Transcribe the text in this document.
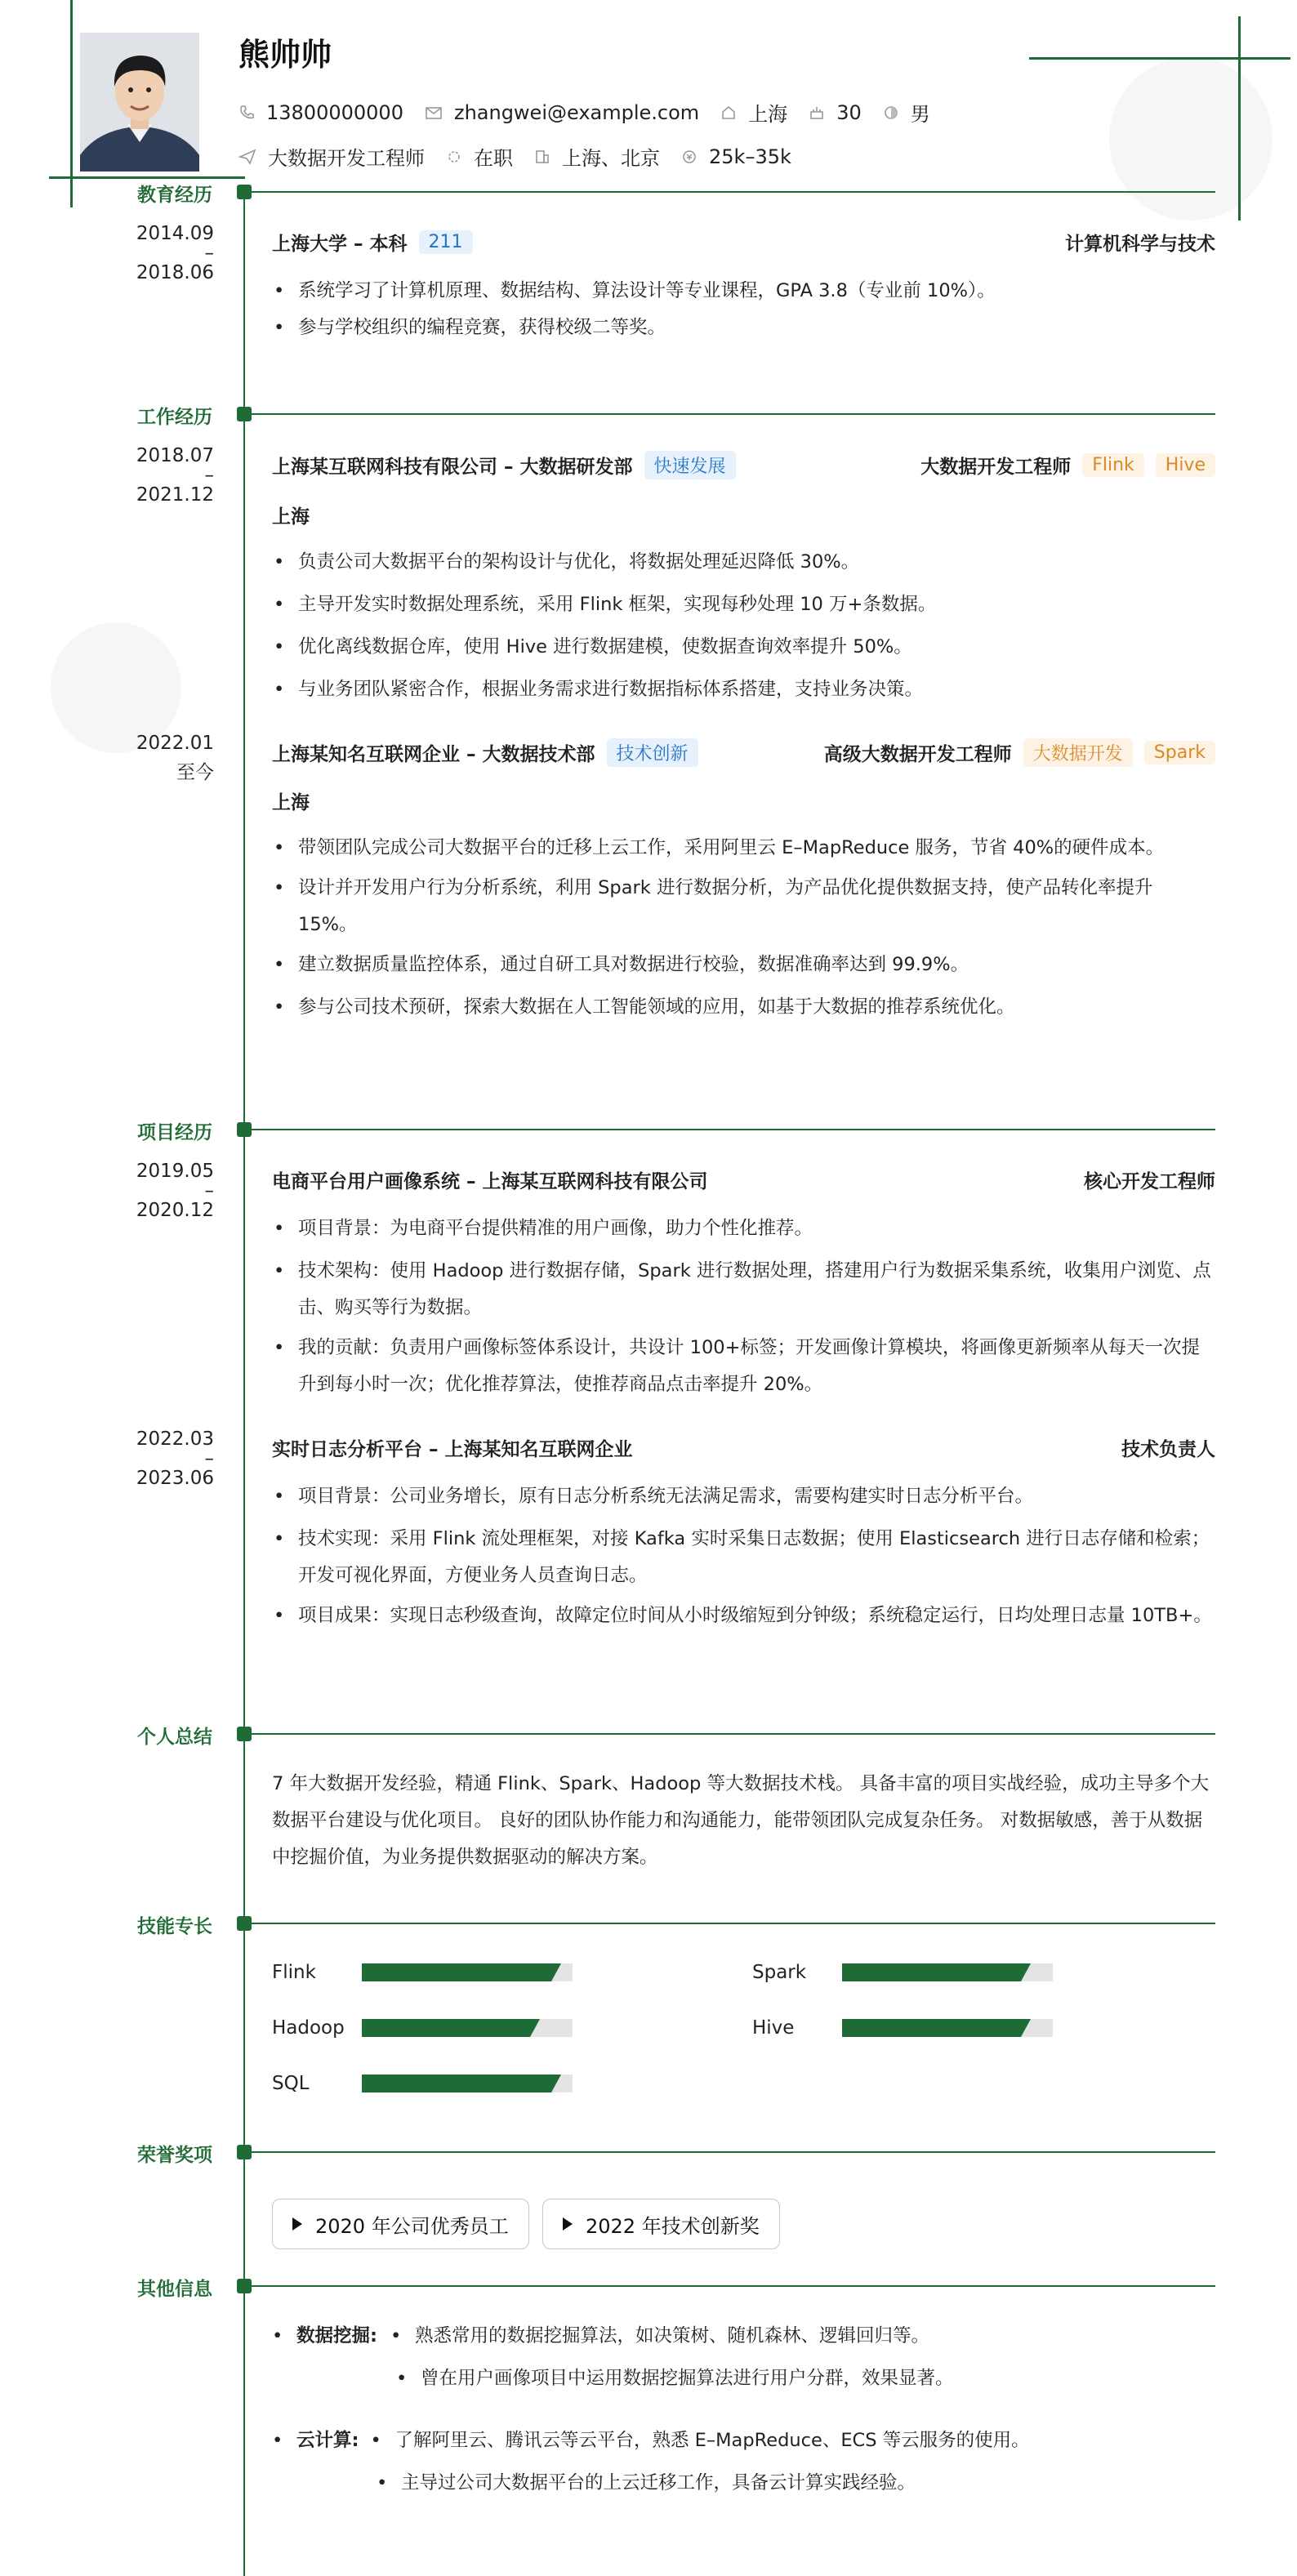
熊帅帅
13800000000	zhangwei@example.com	上海	30	男
大数据开发工程师	在职	上海、北京	25k–35k
教育经历
2014.09
–
2018.06
上海大学 – 本科	211	计算机科学与技术
• 系统学习了计算机原理、数据结构、算法设计等专业课程，GPA 3.8（专业前 10%）。
• 参与学校组织的编程竞赛，获得校级二等奖。
工作经历
2018.07
–
2021.12
上海某互联网科技有限公司 – 大数据研发部	快速发展	大数据开发工程师	Flink	Hive
上海
• 负责公司大数据平台的架构设计与优化，将数据处理延迟降低 30%。
• 主导开发实时数据处理系统，采用 Flink 框架，实现每秒处理 10 万+条数据。
• 优化离线数据仓库，使用 Hive 进行数据建模，使数据查询效率提升 50%。
• 与业务团队紧密合作，根据业务需求进行数据指标体系搭建，支持业务决策。
2022.01
至今
上海某知名互联网企业 – 大数据技术部	技术创新	高级大数据开发工程师	大数据开发	Spark
上海
• 带领团队完成公司大数据平台的迁移上云工作，采用阿里云 E–MapReduce 服务，节省 40%的硬件成本。
• 设计并开发用户行为分析系统，利用 Spark 进行数据分析，为产品优化提供数据支持，使产品转化率提升 15%。
• 建立数据质量监控体系，通过自研工具对数据进行校验，数据准确率达到 99.9%。
• 参与公司技术预研，探索大数据在人工智能领域的应用，如基于大数据的推荐系统优化。
项目经历
2019.05
–
2020.12
电商平台用户画像系统 – 上海某互联网科技有限公司	核心开发工程师
• 项目背景：为电商平台提供精准的用户画像，助力个性化推荐。
• 技术架构：使用 Hadoop 进行数据存储，Spark 进行数据处理，搭建用户行为数据采集系统，收集用户浏览、点击、购买等行为数据。
• 我的贡献：负责用户画像标签体系设计，共设计 100+标签；开发画像计算模块，将画像更新频率从每天一次提升到每小时一次；优化推荐算法，使推荐商品点击率提升 20%。
2022.03
–
2023.06
实时日志分析平台 – 上海某知名互联网企业	技术负责人
• 项目背景：公司业务增长，原有日志分析系统无法满足需求，需要构建实时日志分析平台。
• 技术实现：采用 Flink 流处理框架，对接 Kafka 实时采集日志数据；使用 Elasticsearch 进行日志存储和检索；开发可视化界面，方便业务人员查询日志。
• 项目成果：实现日志秒级查询，故障定位时间从小时级缩短到分钟级；系统稳定运行，日均处理日志量 10TB+。
个人总结
7 年大数据开发经验，精通 Flink、Spark、Hadoop 等大数据技术栈。 具备丰富的项目实战经验，成功主导多个大数据平台建设与优化项目。 良好的团队协作能力和沟通能力，能带领团队完成复杂任务。 对数据敏感，善于从数据中挖掘价值，为业务提供数据驱动的解决方案。
技能专长
Flink	Spark
Hadoop	Hive
SQL
荣誉奖项
2020 年公司优秀员工	2022 年技术创新奖
其他信息
• 数据挖掘: • 熟悉常用的数据挖掘算法，如决策树、随机森林、逻辑回归等。
• 曾在用户画像项目中运用数据挖掘算法进行用户分群，效果显著。
• 云计算: • 了解阿里云、腾讯云等云平台，熟悉 E–MapReduce、ECS 等云服务的使用。
• 主导过公司大数据平台的上云迁移工作，具备云计算实践经验。
